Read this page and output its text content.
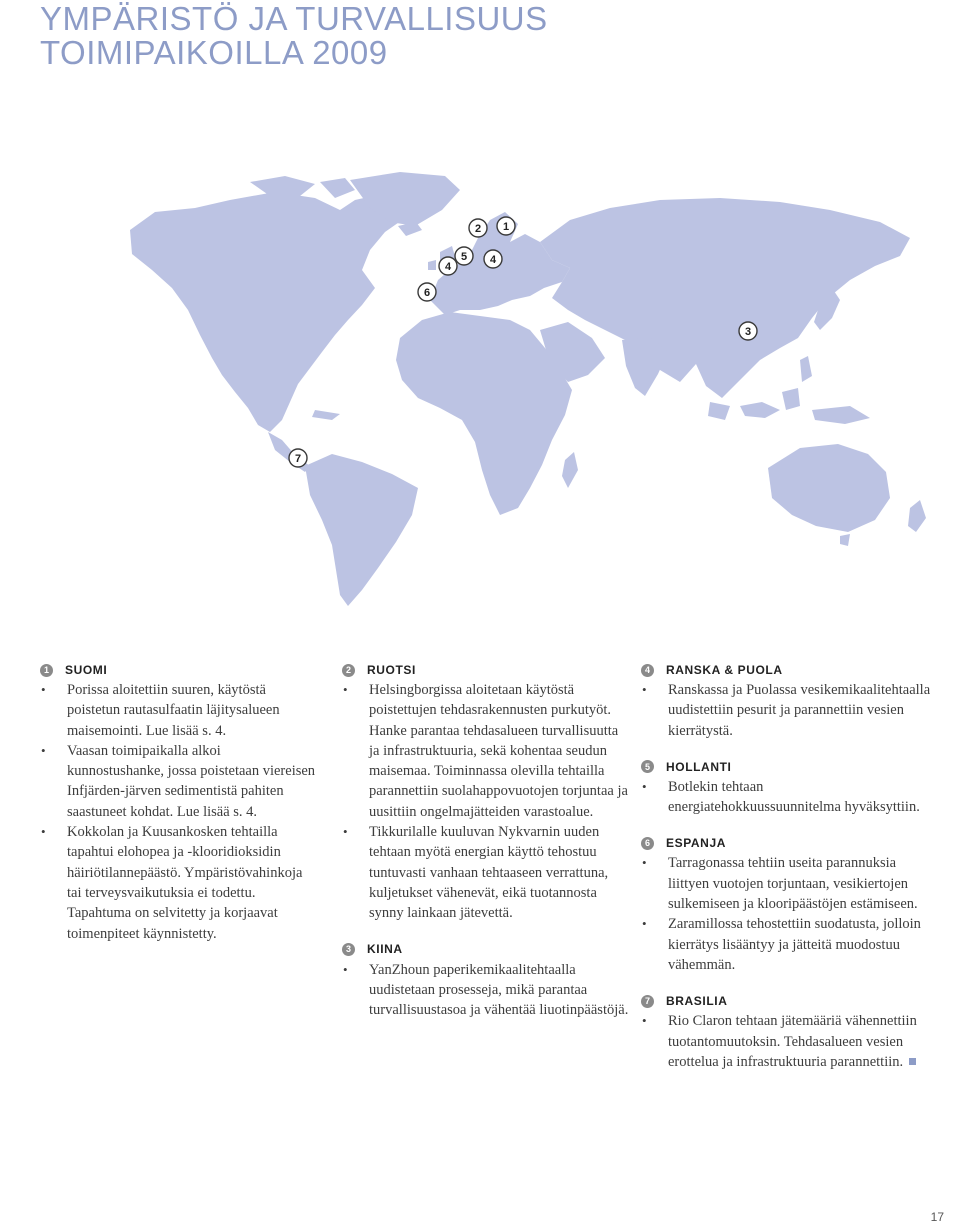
YMPÄRISTÖ JA TURVALLISUUS
TOIMIPAIKOILLA 2009
1
2
3
4
4
5
6
7
1	SUOMI
• Porissa aloitettiin suuren, käytöstä poistetun rautasulfaatin läjitysalueen maisemointi. Lue lisää s. 4.
• Vaasan toimipaikalla alkoi kunnostushanke, jossa poistetaan viereisen Infjärden-järven sedimentistä pahiten saastuneet kohdat. Lue lisää s. 4.
• Kokkolan ja Kuusankosken tehtailla tapahtui elohopea ja -klooridioksidin häiriötilannepäästö. Ympäristövahinkoja tai terveysvaikutuksia ei todettu. Tapahtuma on selvitetty ja korjaavat toimenpiteet käynnistetty.
2	RUOTSI
• Helsingborgissa aloitetaan käytöstä poistettujen tehdasrakennusten purkutyöt. Hanke parantaa tehdasalueen turvallisuutta ja infrastruktuuria, sekä kohentaa seudun maisemaa. Toiminnassa olevilla tehtailla parannettiin suolahappovuotojen torjuntaa ja uusittiin ongelmajätteiden varastoalue.
• Tikkurilalle kuuluvan Nykvarnin uuden tehtaan myötä energian käyttö tehostuu tuntuvasti vanhaan tehtaaseen verrattuna, kuljetukset vähenevät, eikä tuotannosta synny lainkaan jätevettä.
3	KIINA
• YanZhoun paperikemikaalitehtaalla uudistetaan prosesseja, mikä parantaa turvallisuustasoa ja vähentää liuotinpäästöjä.
4	RANSKA & PUOLA
• Ranskassa ja Puolassa vesikemikaalitehtaalla uudistettiin pesurit ja parannettiin vesien kierrätystä.
5	HOLLANTI
• Botlekin tehtaan energiatehokkuussuunnitelma hyväksyttiin.
6	ESPANJA
• Tarragonassa tehtiin useita parannuksia liittyen vuotojen torjuntaan, vesikiertojen sulkemiseen ja klooripäästöjen estämiseen.
• Zaramillossa tehostettiin suodatusta, jolloin kierrätys lisääntyy ja jätteitä muodostuu vähemmän.
7	BRASILIA
• Rio Claron tehtaan jätemääriä vähennettiin tuotantomuutoksin. Tehdasalueen vesien erottelua ja infrastruktuuria parannettiin.
17
